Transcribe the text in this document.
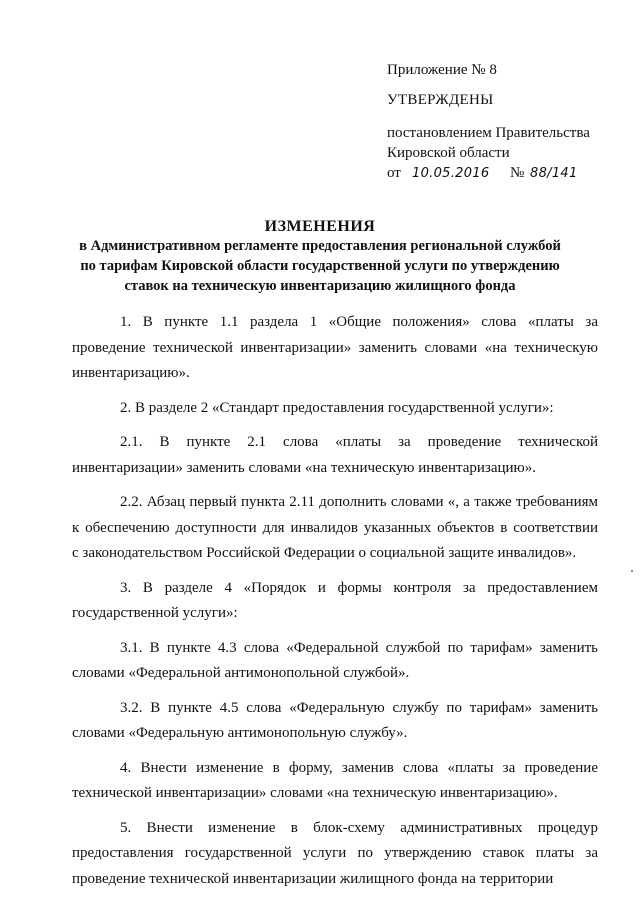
Приложение № 8
УТВЕРЖДЕНЫ
постановлением Правительства
Кировской области
от 10.05.2016 № 88/141
ИЗМЕНЕНИЯ
в Административном регламенте предоставления региональной службой
по тарифам Кировской области государственной услуги по утверждению
ставок на техническую инвентаризацию жилищного фонда
1. В пункте 1.1 раздела 1 «Общие положения» слова «платы за
проведение технической инвентаризации» заменить словами «на техническую
инвентаризацию».
2. В разделе 2 «Стандарт предоставления государственной услуги»:
2.1. В пункте 2.1 слова «платы за проведение технической
инвентаризации» заменить словами «на техническую инвентаризацию».
2.2. Абзац первый пункта 2.11 дополнить словами «, а также требованиям
к обеспечению доступности для инвалидов указанных объектов в соответствии
с законодательством Российской Федерации о социальной защите инвалидов».
3. В разделе 4 «Порядок и формы контроля за предоставлением
государственной услуги»:
3.1. В пункте 4.3 слова «Федеральной службой по тарифам» заменить
словами «Федеральной антимонопольной службой».
3.2. В пункте 4.5 слова «Федеральную службу по тарифам» заменить
словами «Федеральную антимонопольную службу».
4. Внести изменение в форму, заменив слова «платы за проведение
технической инвентаризации» словами «на техническую инвентаризацию».
5. Внести изменение в блок-схему административных процедур
предоставления государственной услуги по утверждению ставок платы за
проведение технической инвентаризации жилищного фонда на территории
